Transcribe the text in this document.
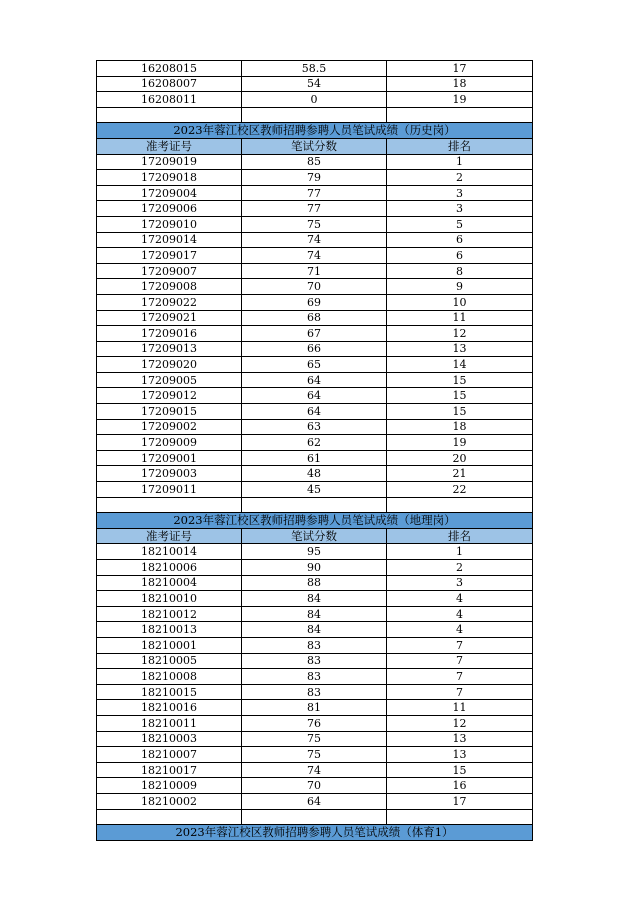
16208015	58.5	17
16208007	54	18
16208011	0	19

2023年蓉江校区教师招聘参聘人员笔试成绩（历史岗）		
准考证号	笔试分数	排名
17209019	85	1
17209018	79	2
17209004	77	3
17209006	77	3
17209010	75	5
17209014	74	6
17209017	74	6
17209007	71	8
17209008	70	9
17209022	69	10
17209021	68	11
17209016	67	12
17209013	66	13
17209020	65	14
17209005	64	15
17209012	64	15
17209015	64	15
17209002	63	18
17209009	62	19
17209001	61	20
17209003	48	21
17209011	45	22

2023年蓉江校区教师招聘参聘人员笔试成绩（地理岗）		
准考证号	笔试分数	排名
18210014	95	1
18210006	90	2
18210004	88	3
18210010	84	4
18210012	84	4
18210013	84	4
18210001	83	7
18210005	83	7
18210008	83	7
18210015	83	7
18210016	81	11
18210011	76	12
18210003	75	13
18210007	75	13
18210017	74	15
18210009	70	16
18210002	64	17

2023年蓉江校区教师招聘参聘人员笔试成绩（体育1）		
